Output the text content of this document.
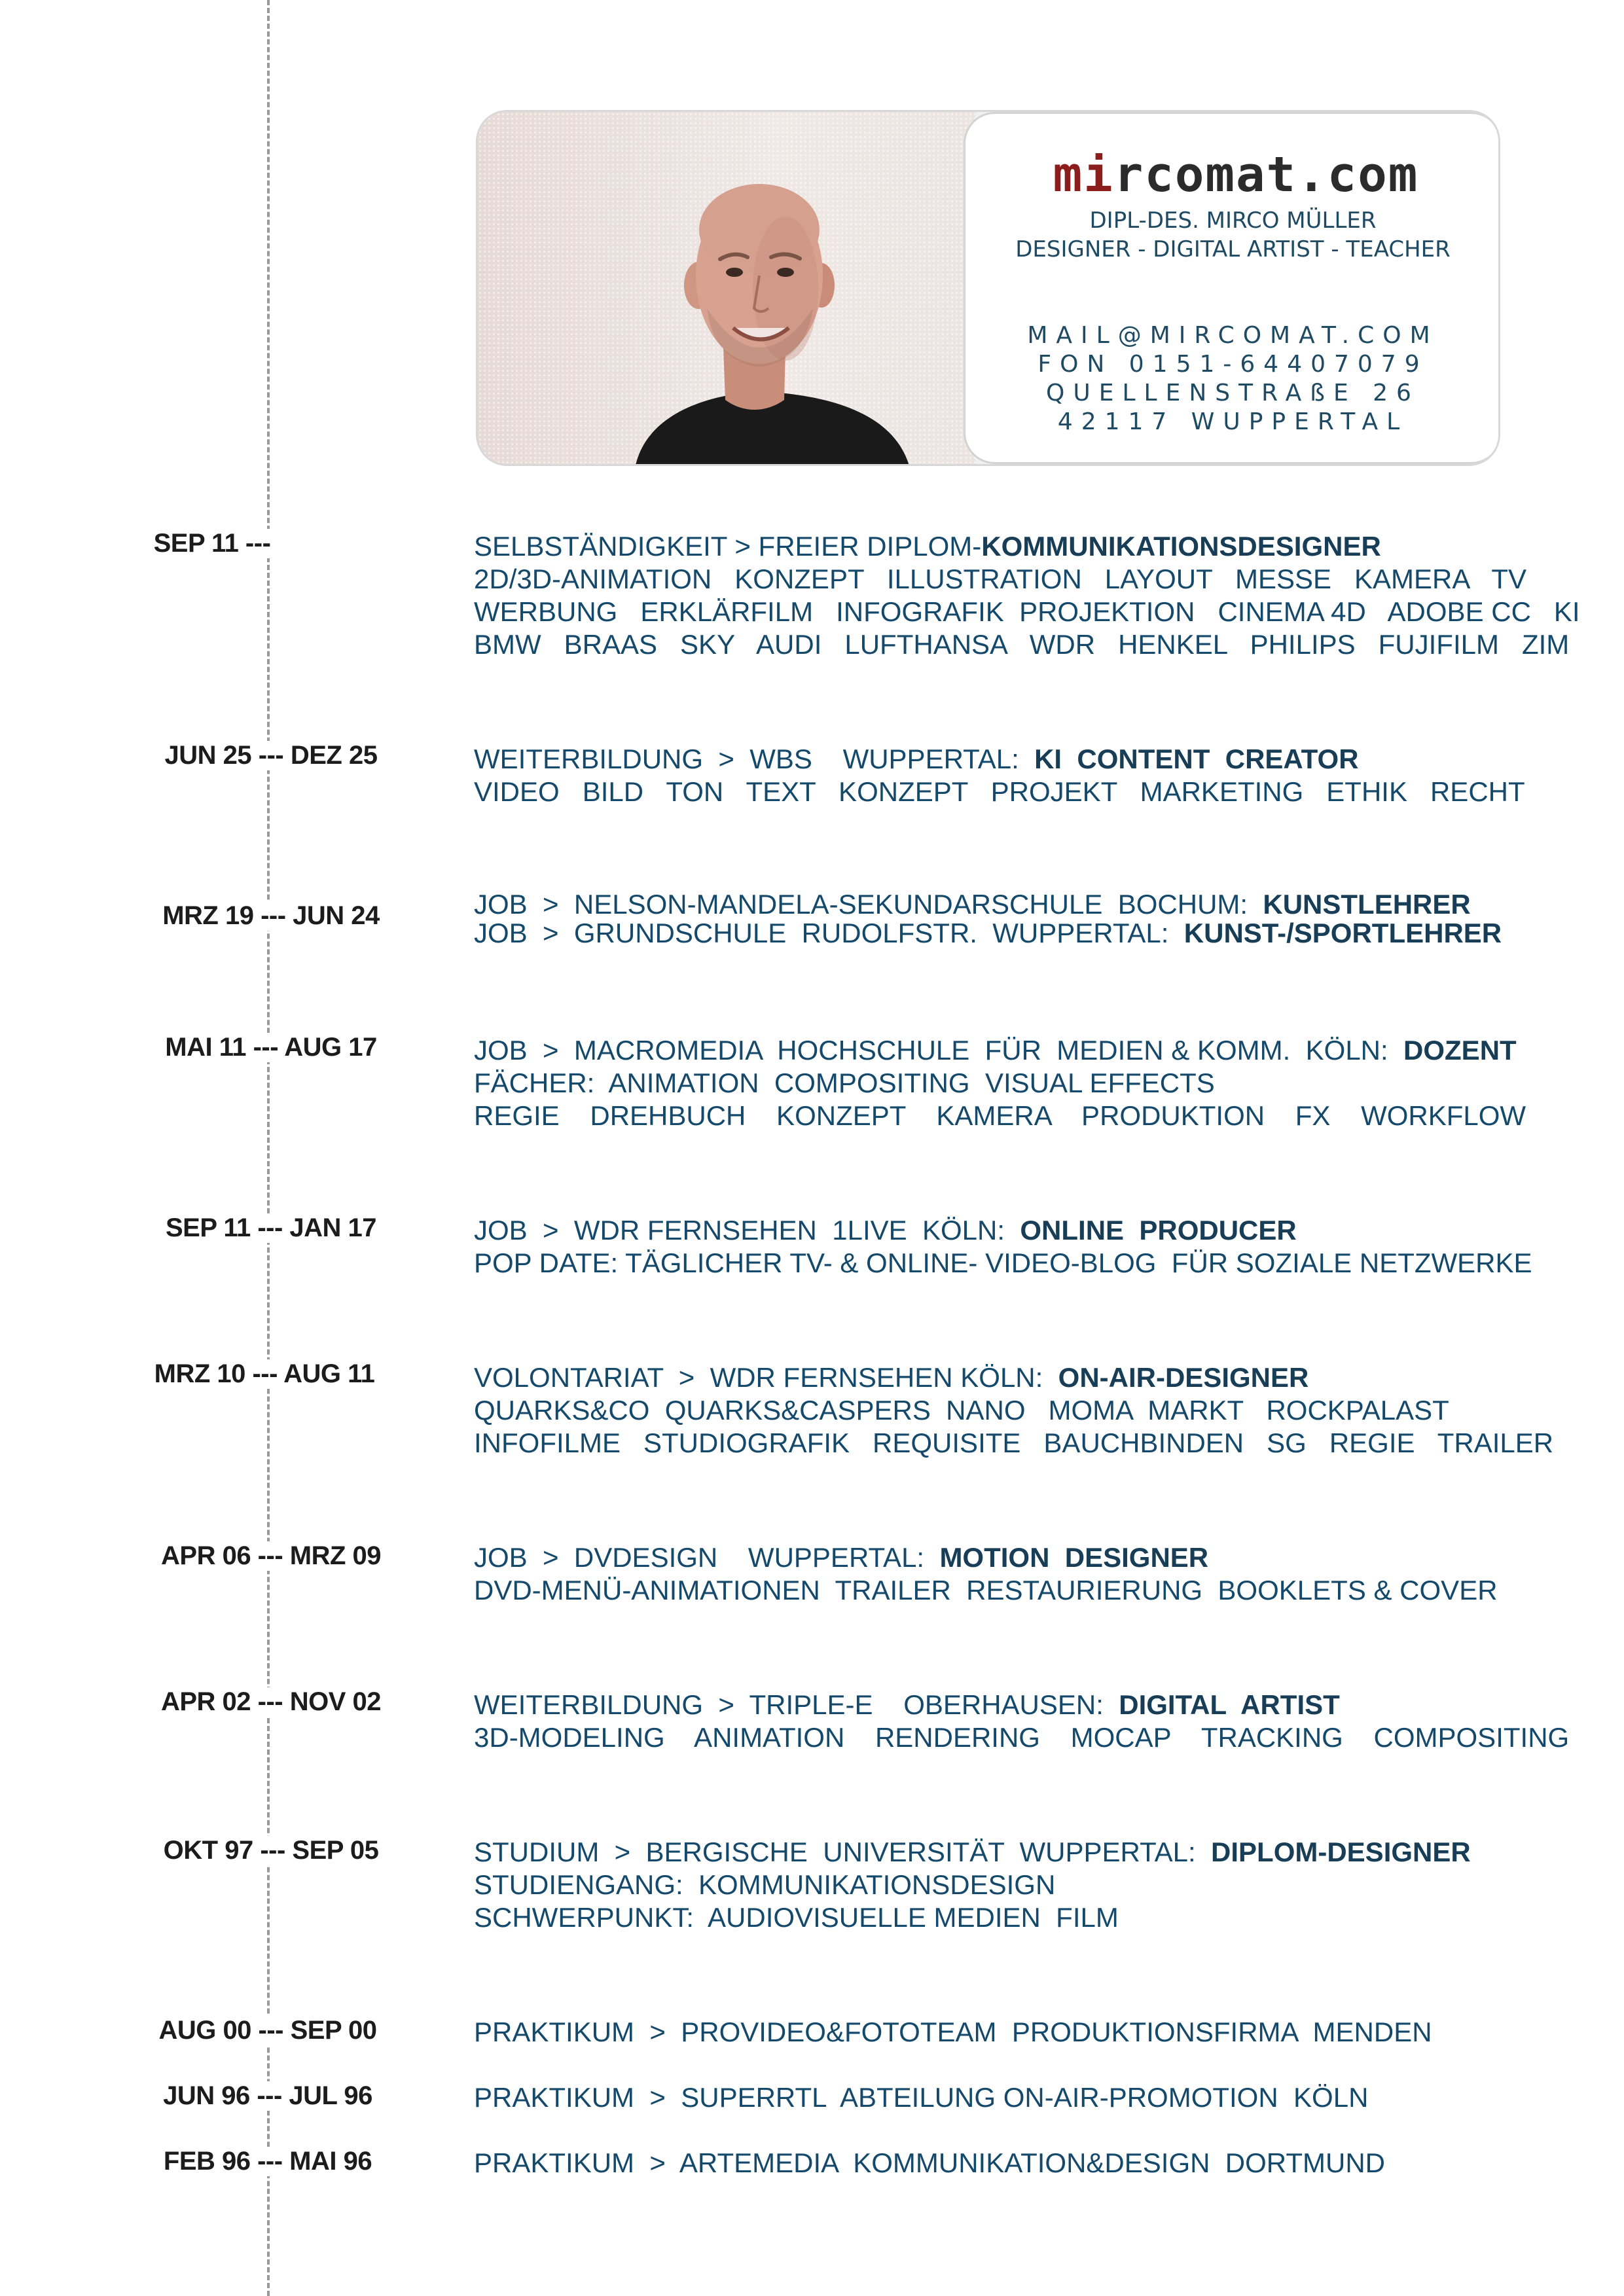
mircomat.com
DIPL-DES. MIRCO MÜLLER
DESIGNER - DIGITAL ARTIST - TEACHER
MAIL@MIRCOMAT.COM
FON 0151-64407079
QUELLENSTRAßE 26
42117 WUPPERTAL
SEP 11 ---
JUN 25 --- DEZ 25
MRZ 19 --- JUN 24
MAI 11 --- AUG 17
SEP 11 --- JAN 17
MRZ 10 --- AUG 11
APR 06 --- MRZ 09
APR 02 --- NOV 02
OKT 97 --- SEP 05
AUG 00 --- SEP 00
JUN 96 --- JUL 96
FEB 96 --- MAI 96
SELBSTÄNDIGKEIT > FREIER DIPLOM-KOMMUNIKATIONSDESIGNER
2D/3D-ANIMATION   KONZEPT   ILLUSTRATION   LAYOUT   MESSE   KAMERA   TV
WERBUNG   ERKLÄRFILM   INFOGRAFIK  PROJEKTION   CINEMA 4D   ADOBE CC   KI
BMW   BRAAS   SKY   AUDI   LUFTHANSA   WDR   HENKEL   PHILIPS   FUJIFILM   ZIM
WEITERBILDUNG  >  WBS    WUPPERTAL:  KI  CONTENT  CREATOR
VIDEO   BILD   TON   TEXT   KONZEPT   PROJEKT   MARKETING   ETHIK   RECHT
JOB  >  NELSON-MANDELA-SEKUNDARSCHULE  BOCHUM:  KUNSTLEHRER
JOB  >  GRUNDSCHULE  RUDOLFSTR.  WUPPERTAL:  KUNST-/SPORTLEHRER
JOB  >  MACROMEDIA  HOCHSCHULE  FÜR  MEDIEN & KOMM.  KÖLN:  DOZENT
FÄCHER:  ANIMATION  COMPOSITING  VISUAL EFFECTS
REGIE    DREHBUCH    KONZEPT    KAMERA    PRODUKTION    FX    WORKFLOW
JOB  >  WDR FERNSEHEN  1LIVE  KÖLN:  ONLINE  PRODUCER
POP DATE: TÄGLICHER TV- & ONLINE- VIDEO-BLOG  FÜR SOZIALE NETZWERKE
VOLONTARIAT  >  WDR FERNSEHEN KÖLN:  ON-AIR-DESIGNER
QUARKS&CO  QUARKS&CASPERS  NANO   MOMA  MARKT   ROCKPALAST
INFOFILME   STUDIOGRAFIK   REQUISITE   BAUCHBINDEN   SG   REGIE   TRAILER
JOB  >  DVDESIGN    WUPPERTAL:  MOTION  DESIGNER
DVD-MENÜ-ANIMATIONEN  TRAILER  RESTAURIERUNG  BOOKLETS & COVER
WEITERBILDUNG  >  TRIPLE-E    OBERHAUSEN:  DIGITAL  ARTIST
3D-MODELING    ANIMATION    RENDERING    MOCAP    TRACKING    COMPOSITING
STUDIUM  >  BERGISCHE  UNIVERSITÄT  WUPPERTAL:  DIPLOM-DESIGNER
STUDIENGANG:  KOMMUNIKATIONSDESIGN
SCHWERPUNKT:  AUDIOVISUELLE MEDIEN  FILM
PRAKTIKUM  >  PROVIDEO&FOTOTEAM  PRODUKTIONSFIRMA  MENDEN
PRAKTIKUM  >  SUPERRTL  ABTEILUNG ON-AIR-PROMOTION  KÖLN
PRAKTIKUM  >  ARTEMEDIA  KOMMUNIKATION&DESIGN  DORTMUND
